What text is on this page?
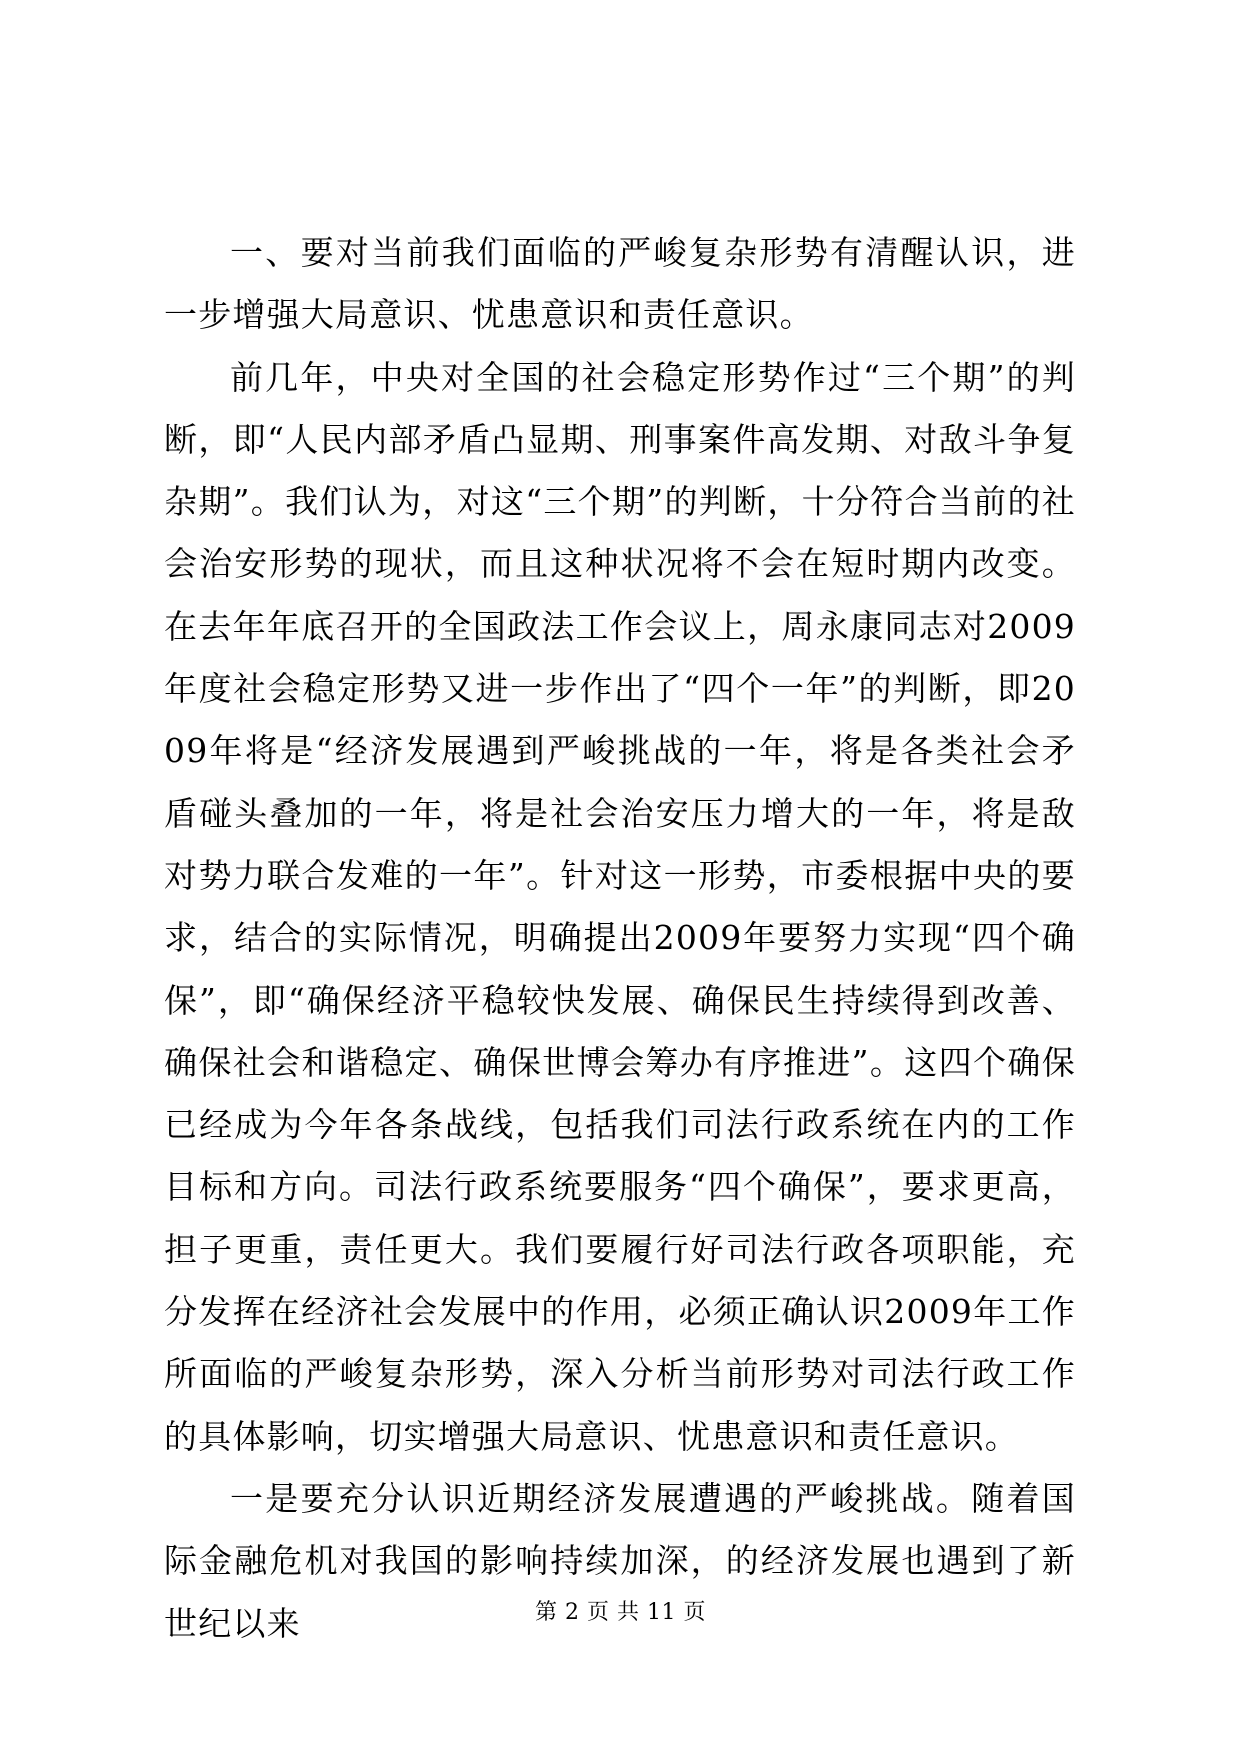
一、要对当前我们面临的严峻复杂形势有清醒认识，进一步增强大局意识、忧患意识和责任意识。

前几年，中央对全国的社会稳定形势作过“三个期”的判断，即“人民内部矛盾凸显期、刑事案件高发期、对敌斗争复杂期”。我们认为，对这“三个期”的判断，十分符合当前的社会治安形势的现状，而且这种状况将不会在短时期内改变。在去年年底召开的全国政法工作会议上，周永康同志对2009年度社会稳定形势又进一步作出了“四个一年”的判断，即2009年将是“经济发展遇到严峻挑战的一年，将是各类社会矛盾碰头叠加的一年，将是社会治安压力增大的一年，将是敌对势力联合发难的一年”。针对这一形势，市委根据中央的要求，结合的实际情况，明确提出2009年要努力实现“四个确保”，即“确保经济平稳较快发展、确保民生持续得到改善、确保社会和谐稳定、确保世博会筹办有序推进”。这四个确保已经成为今年各条战线，包括我们司法行政系统在内的工作目标和方向。司法行政系统要服务“四个确保”，要求更高，担子更重，责任更大。我们要履行好司法行政各项职能，充分发挥在经济社会发展中的作用，必须正确认识2009年工作所面临的严峻复杂形势，深入分析当前形势对司法行政工作的具体影响，切实增强大局意识、忧患意识和责任意识。

一是要充分认识近期经济发展遭遇的严峻挑战。随着国际金融危机对我国的影响持续加深，的经济发展也遇到了新世纪以来	第 2 页 共 11 页
